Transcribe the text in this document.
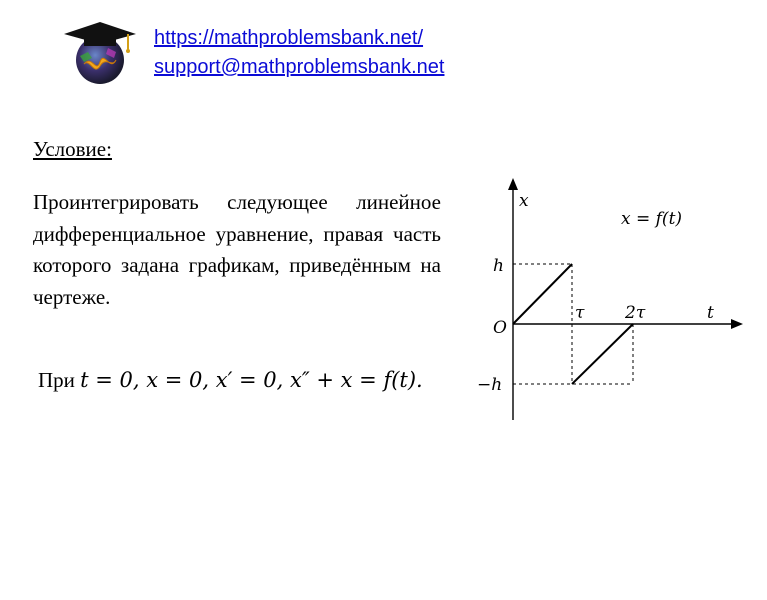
https://mathproblemsbank.net/
support@mathproblemsbank.net
Условие:
Проинтегрировать следующее линейное дифференциальное уравнение, правая часть которого задана графикам, приведённым на чертеже.
При t = 0, x = 0, x′ = 0, x″ + x = f(t).
x
x = f(t)
h
O
−h
τ 2τ	t
